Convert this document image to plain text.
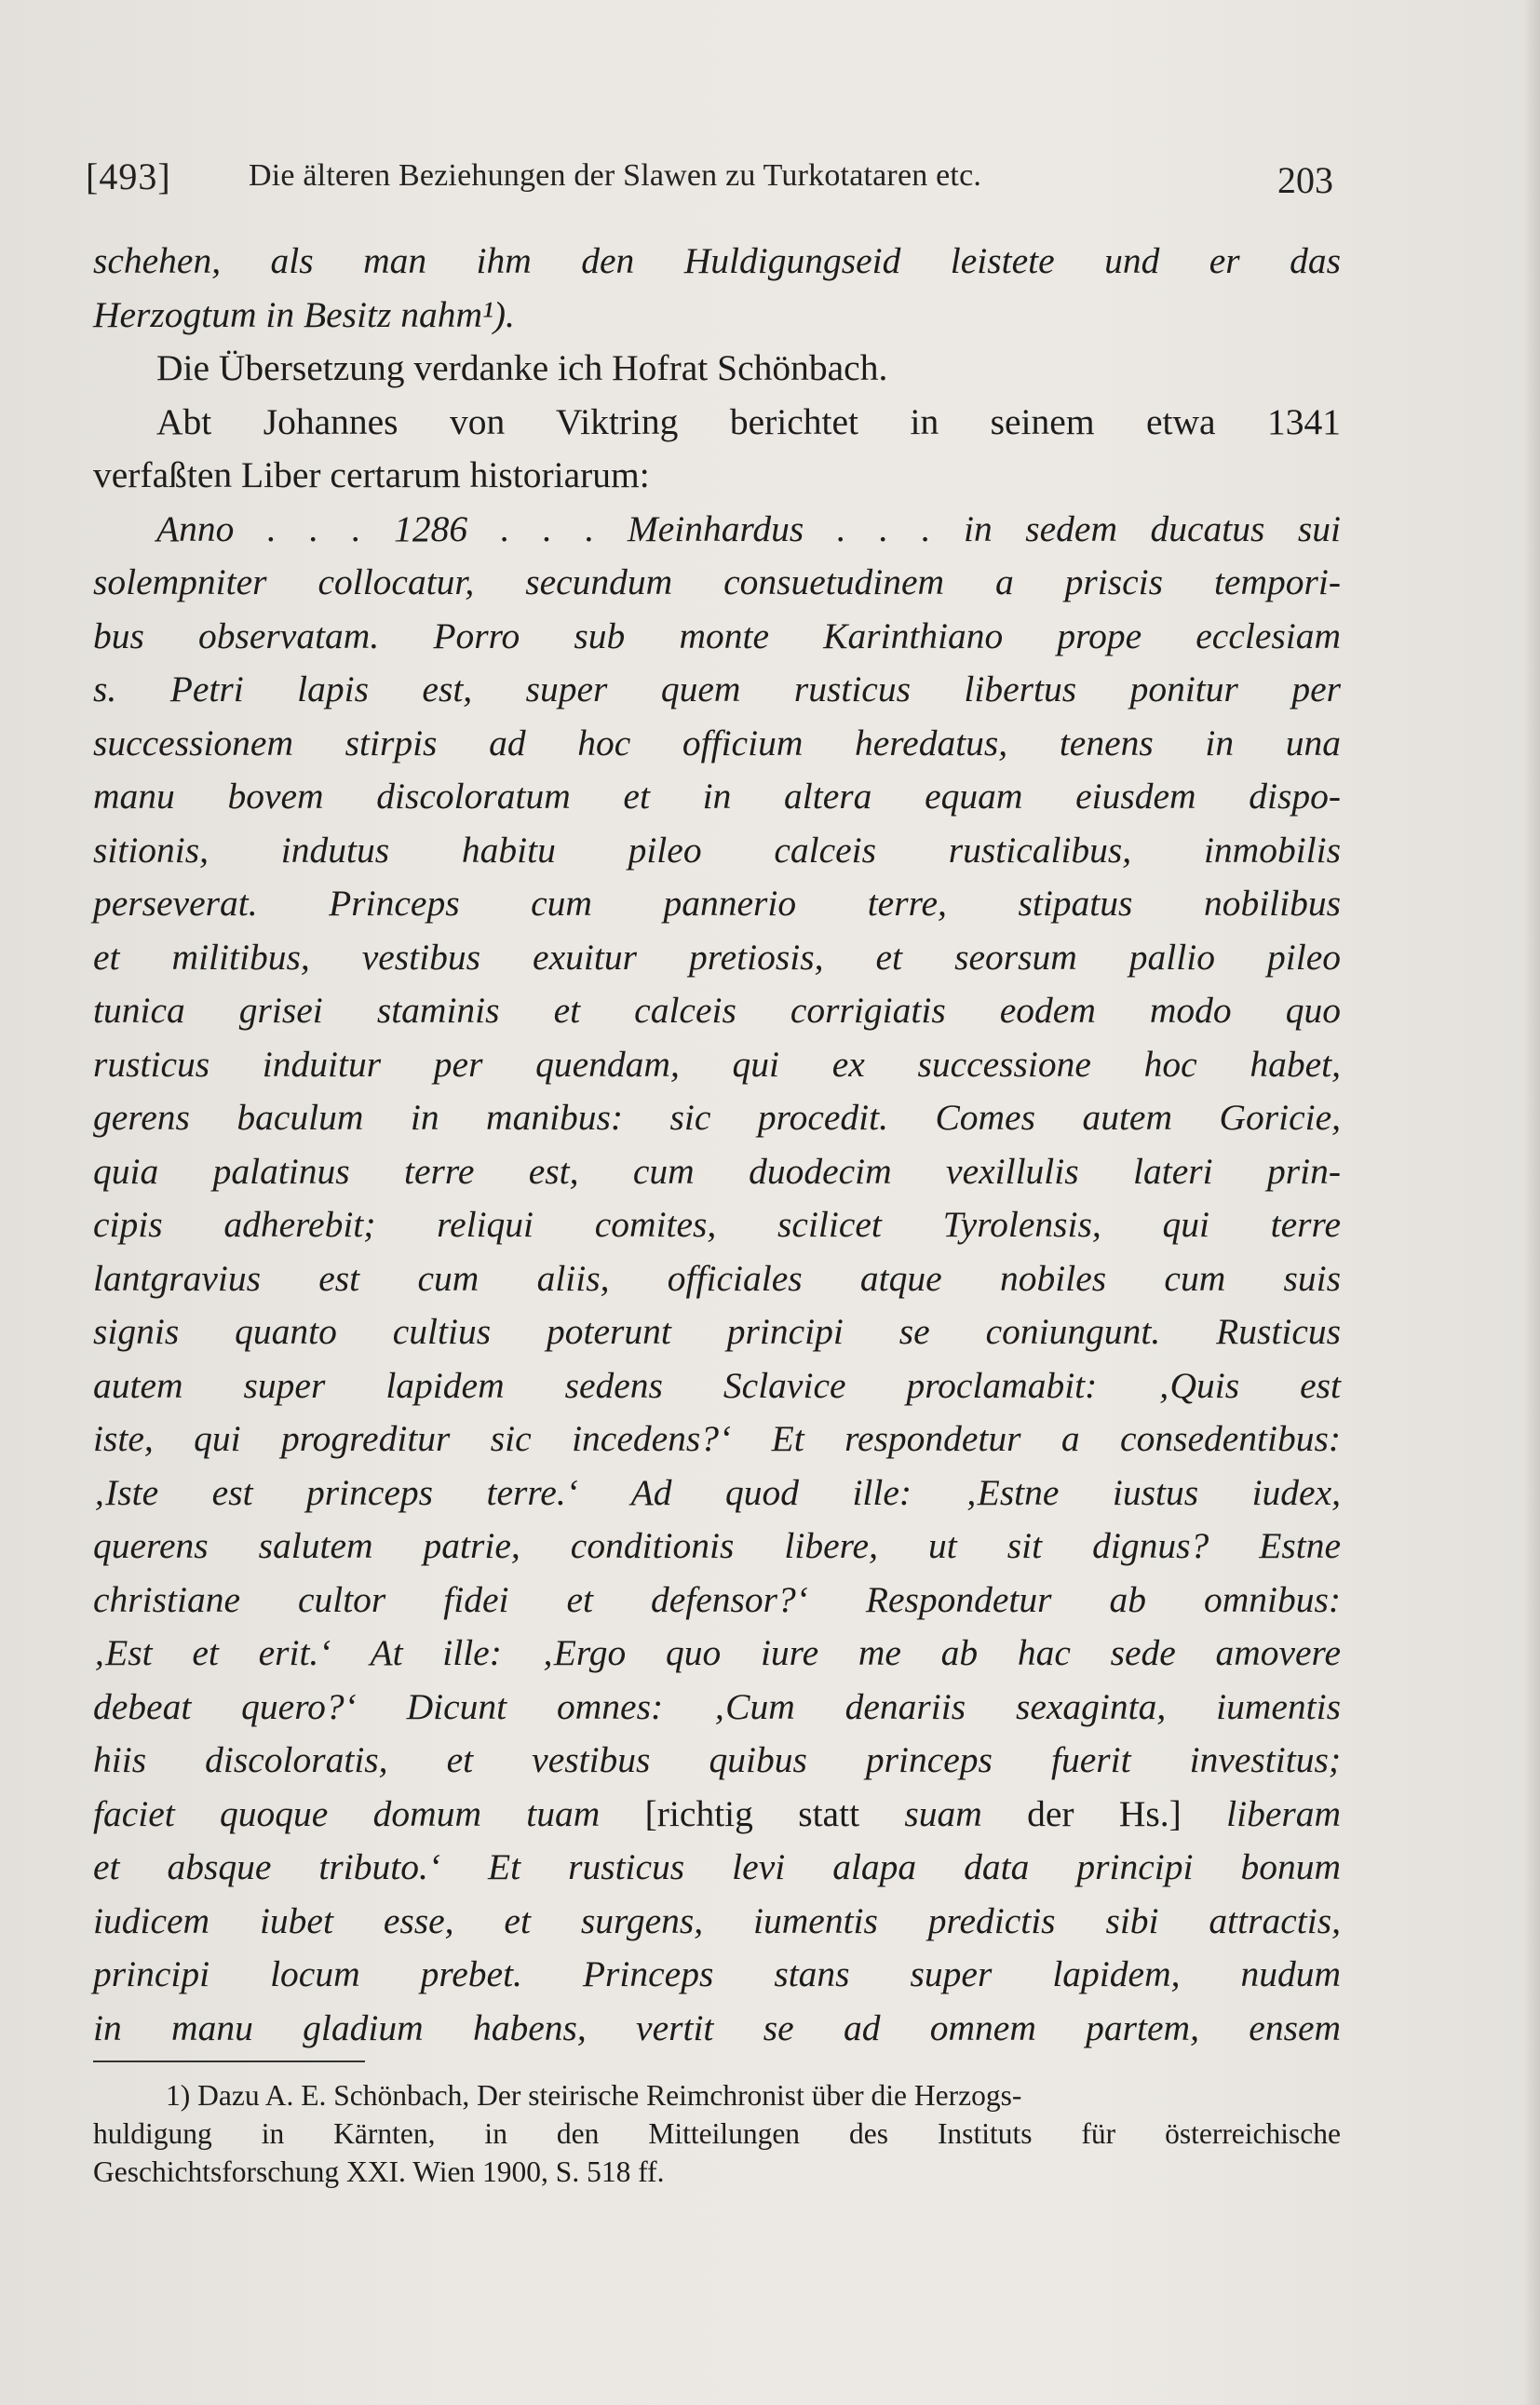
[493] Die älteren Beziehungen der Slawen zu Turkotataren etc.	203
schehen, als man ihm den Huldigungseid leistete und er das
Herzogtum in Besitz nahm¹).
Die Übersetzung verdanke ich Hofrat Schönbach.
Abt Johannes von Viktring berichtet in seinem etwa 1341
verfaßten Liber certarum historiarum:
Anno . . . 1286 . . . Meinhardus . . . in sedem ducatus sui
solempniter collocatur, secundum consuetudinem a priscis tempori-
bus observatam. Porro sub monte Karinthiano prope ecclesiam
s. Petri lapis est, super quem rusticus libertus ponitur per
successionem stirpis ad hoc officium heredatus, tenens in una
manu bovem discoloratum et in altera equam eiusdem dispo-
sitionis, indutus habitu pileo calceis rusticalibus, inmobilis
perseverat. Princeps cum pannerio terre, stipatus nobilibus
et militibus, vestibus exuitur pretiosis, et seorsum pallio pileo
tunica grisei staminis et calceis corrigiatis eodem modo quo
rusticus induitur per quendam, qui ex successione hoc habet,
gerens baculum in manibus: sic procedit. Comes autem Goricie,
quia palatinus terre est, cum duodecim vexillulis lateri prin-
cipis adherebit; reliqui comites, scilicet Tyrolensis, qui terre
lantgravius est cum aliis, officiales atque nobiles cum suis
signis quanto cultius poterunt principi se coniungunt. Rusticus
autem super lapidem sedens Sclavice proclamabit: ‚Quis est
iste, qui progreditur sic incedens?‘ Et respondetur a consedentibus:
‚Iste est princeps terre.‘ Ad quod ille: ‚Estne iustus iudex,
querens salutem patrie, conditionis libere, ut sit dignus? Estne
christiane cultor fidei et defensor?‘ Respondetur ab omnibus:
‚Est et erit.‘ At ille: ‚Ergo quo iure me ab hac sede amovere
debeat quero?‘ Dicunt omnes: ‚Cum denariis sexaginta, iumentis
hiis discoloratis, et vestibus quibus princeps fuerit investitus;
faciet quoque domum tuam [richtig statt suam der Hs.] liberam
et absque tributo.‘ Et rusticus levi alapa data principi bonum
iudicem iubet esse, et surgens, iumentis predictis sibi attractis,
principi locum prebet. Princeps stans super lapidem, nudum
in manu gladium habens, vertit se ad omnem partem, ensem
1) Dazu A. E. Schönbach, Der steirische Reimchronist über die Herzogs-
huldigung in Kärnten, in den Mitteilungen des Instituts für österreichische
Geschichtsforschung XXI. Wien 1900, S. 518 ff.
